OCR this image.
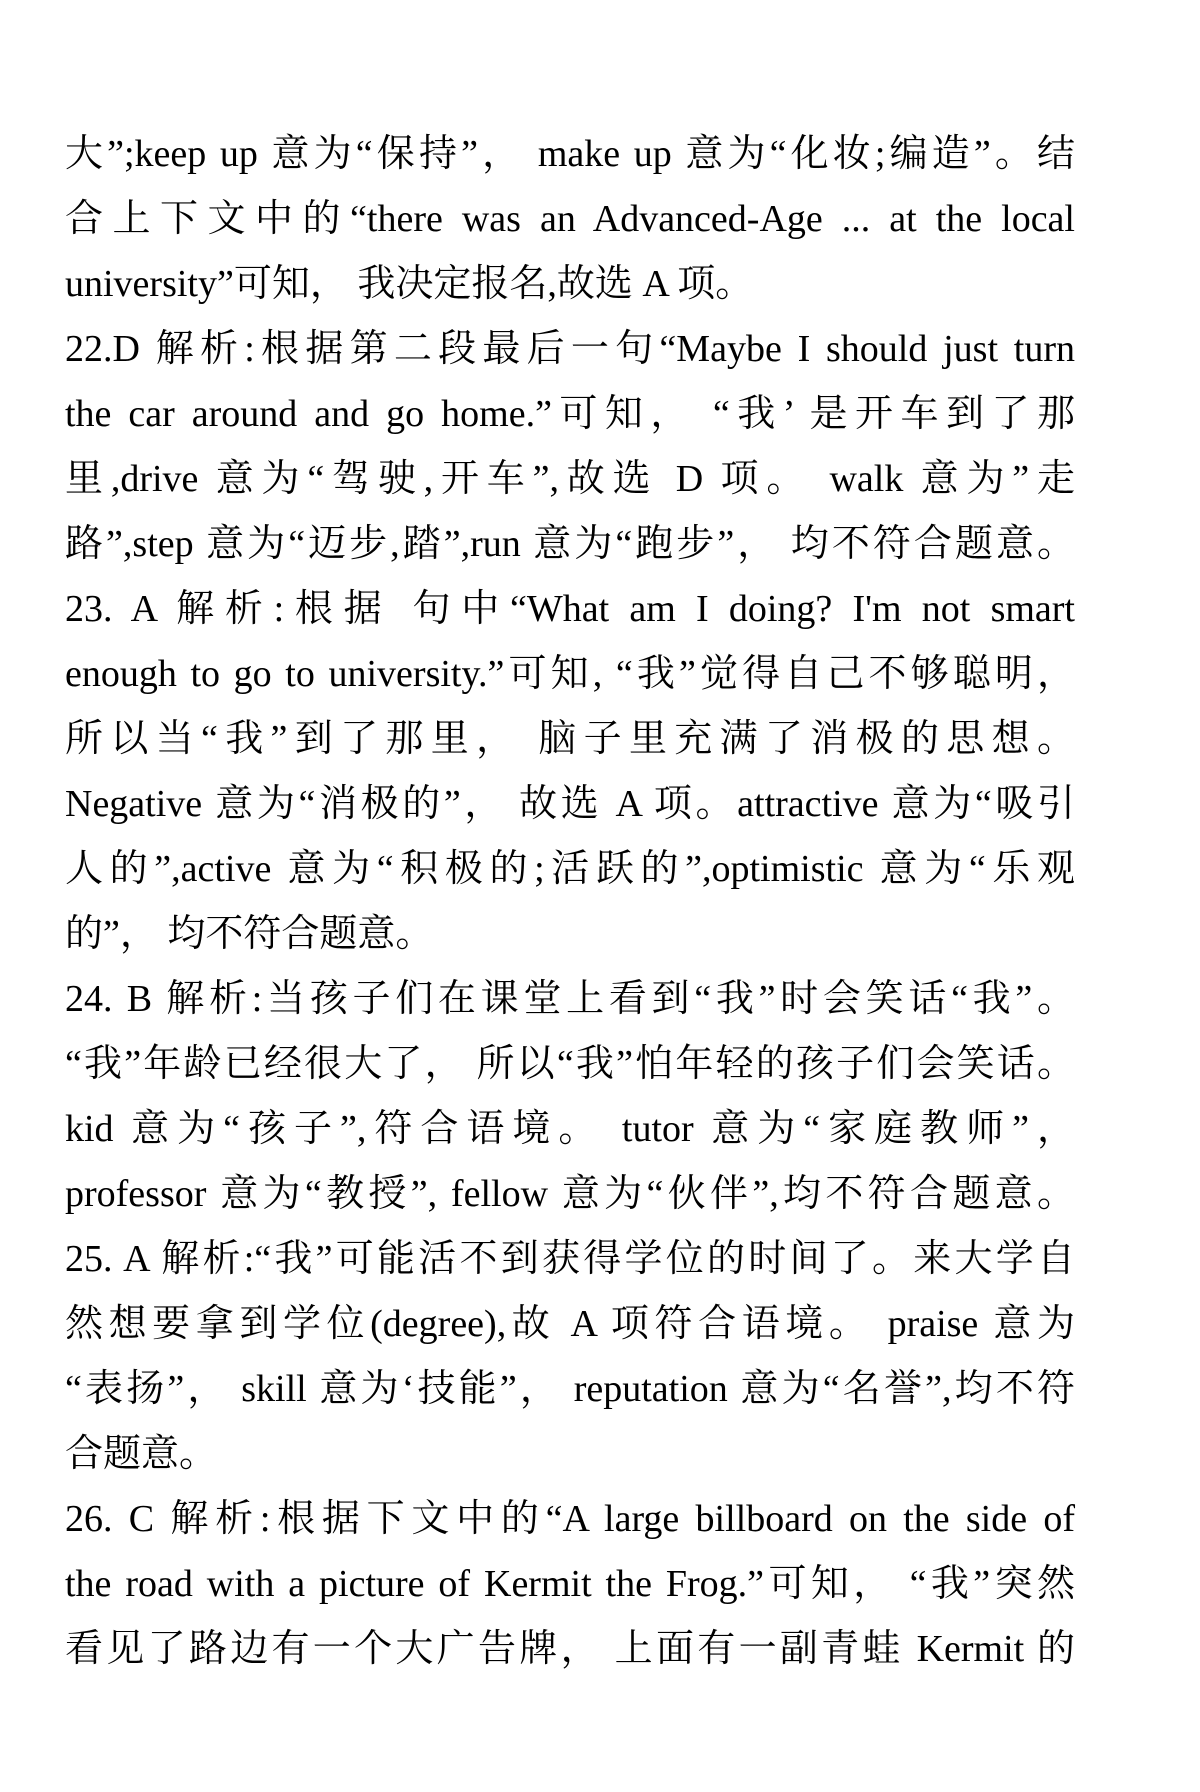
大”;keep up 意为“保持”， make up 意为“化妆;编造”。结
合上下文中的“there was an Advanced-Age ... at the local
university”可知， 我决定报名,故选 A 项。
22.D 解析:根据第二段最后一句“Maybe I should just turn
the car around and go home.”可知， “我’ 是开车到了那
里,drive 意为“驾驶,开车”,故选 D 项。 walk 意为”走
路”,step 意为“迈步,踏”,run 意为“跑步”， 均不符合题意。
23. A 解析:根据 句中“What am I doing? I'm not smart
enough to go to university.”可知, “我”觉得自己不够聪明，
所以当“我”到了那里， 脑子里充满了消极的思想。
Negative 意为“消极的”， 故选 A 项。attractive 意为“吸引
人的”,active 意为“积极的;活跃的”,optimistic 意为“乐观
的”， 均不符合题意。
24. B 解析:当孩子们在课堂上看到“我”时会笑话“我”。
“我”年龄已经很大了， 所以“我”怕年轻的孩子们会笑话。
kid 意为“孩子”,符合语境。 tutor 意为“家庭教师”，
professor 意为“教授”, fellow 意为“伙伴”,均不符合题意。
25. A 解析:“我”可能活不到获得学位的时间了。来大学自
然想要拿到学位(degree),故 A 项符合语境。 praise 意为
“表扬”， skill 意为‘技能”， reputation 意为“名誉”,均不符
合题意。
26. C 解析:根据下文中的“A large billboard on the side of
the road with a picture of Kermit the Frog.”可知， “我”突然
看见了路边有一个大广告牌， 上面有一副青蛙 Kermit 的
